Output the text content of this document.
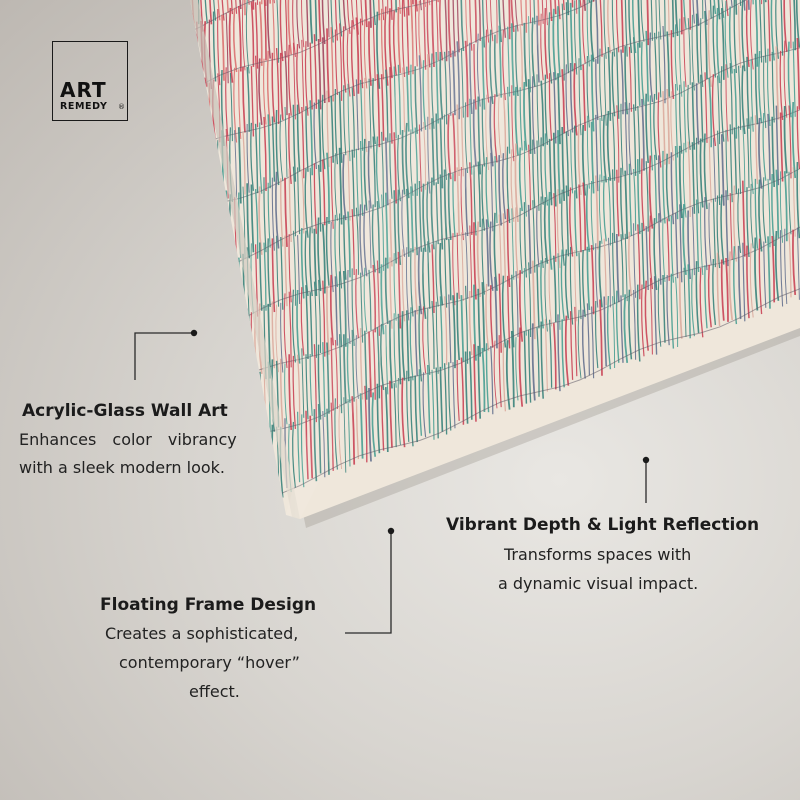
ART
REMEDY ®
Acrylic-Glass Wall Art
Enhances color vibrancy
with a sleek modern look.
Vibrant Depth & Light Reflection
Transforms spaces with
a dynamic visual impact.
Floating Frame Design
Creates a sophisticated,
contemporary “hover”
effect.
